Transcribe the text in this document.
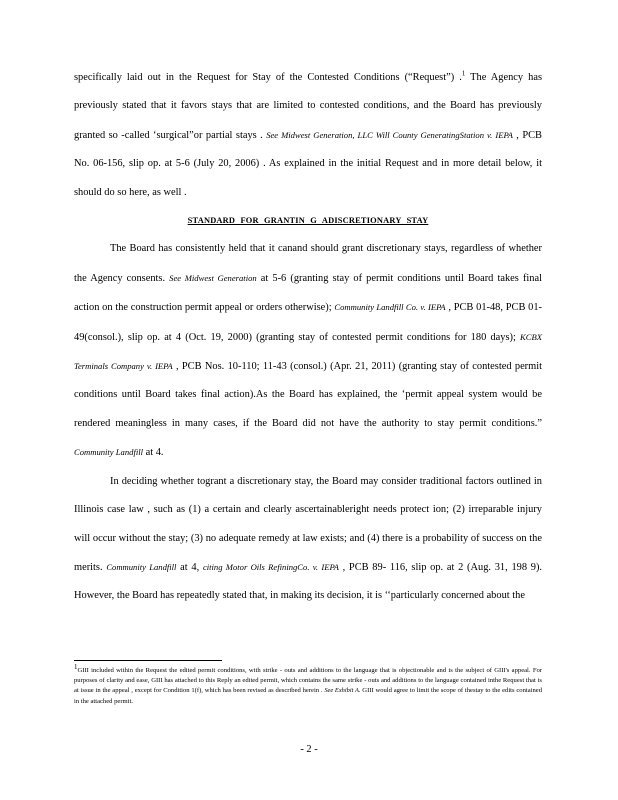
specifically laid out in the Request for Stay of the Contested Conditions (“Request”) .$^1$ The Agency has previously stated that it favors stays that are limited to contested conditions, and the Board has previously granted so -called ‘surgical”or partial stays . See Midwest Generation, LLC Will County GeneratingStation v. IEPA , PCB No. 06-156, slip op. at 5-6 (July 20, 2006) . As explained in the initial Request and in more detail below, it should do so here, as well .

STANDARD FOR GRANTIN G ADISCRETIONARY STAY

The Board has consistently held that it canand should grant discretionary stays, regardless of whether the Agency consents. See Midwest Generation at 5-6 (granting stay of permit conditions until Board takes final action on the construction permit appeal or orders otherwise); Community Landfill Co. v. IEPA , PCB 01-48, PCB 01-49(consol.), slip op. at 4 (Oct. 19, 2000) (granting stay of contested permit conditions for 180 days); KCBX Terminals Company v. IEPA , PCB Nos. 10-110; 11-43 (consol.) (Apr. 21, 2011) (granting stay of contested permit conditions until Board takes final action).As the Board has explained, the ‘permit appeal system would be rendered meaningless in many cases, if the Board did not have the authority to stay permit conditions.” Community Landfill at 4.

In deciding whether togrant a discretionary stay, the Board may consider traditional factors outlined in Illinois case law , such as (1) a certain and clearly ascertainableright needs protect ion; (2) irreparable injury will occur without the stay; (3) no adequate remedy at law exists; and (4) there is a probability of success on the merits. Community Landfill at 4, citing Motor Oils RefiningCo. v. IEPA , PCB 89- 116, slip op. at 2 (Aug. 31, 198 9). However, the Board has repeatedly stated that, in making its decision, it is ‘‘particularly concerned about the

$^1$GIII included within the Request the edited permit conditions, with strike - outs and additions to the language that is objectionable and is the subject of GIII's appeal. For purposes of clarity and ease, GIII has attached to this Reply an edited permit, which contains the same strike - outs and additions to the language contained inthe Request that is at issue in the appeal , except for Condition 1(f), which has been revised as described herein . See Exhibit A. GIII would agree to limit the scope of thestay to the edits contained in the attached permit.
- 2 -
